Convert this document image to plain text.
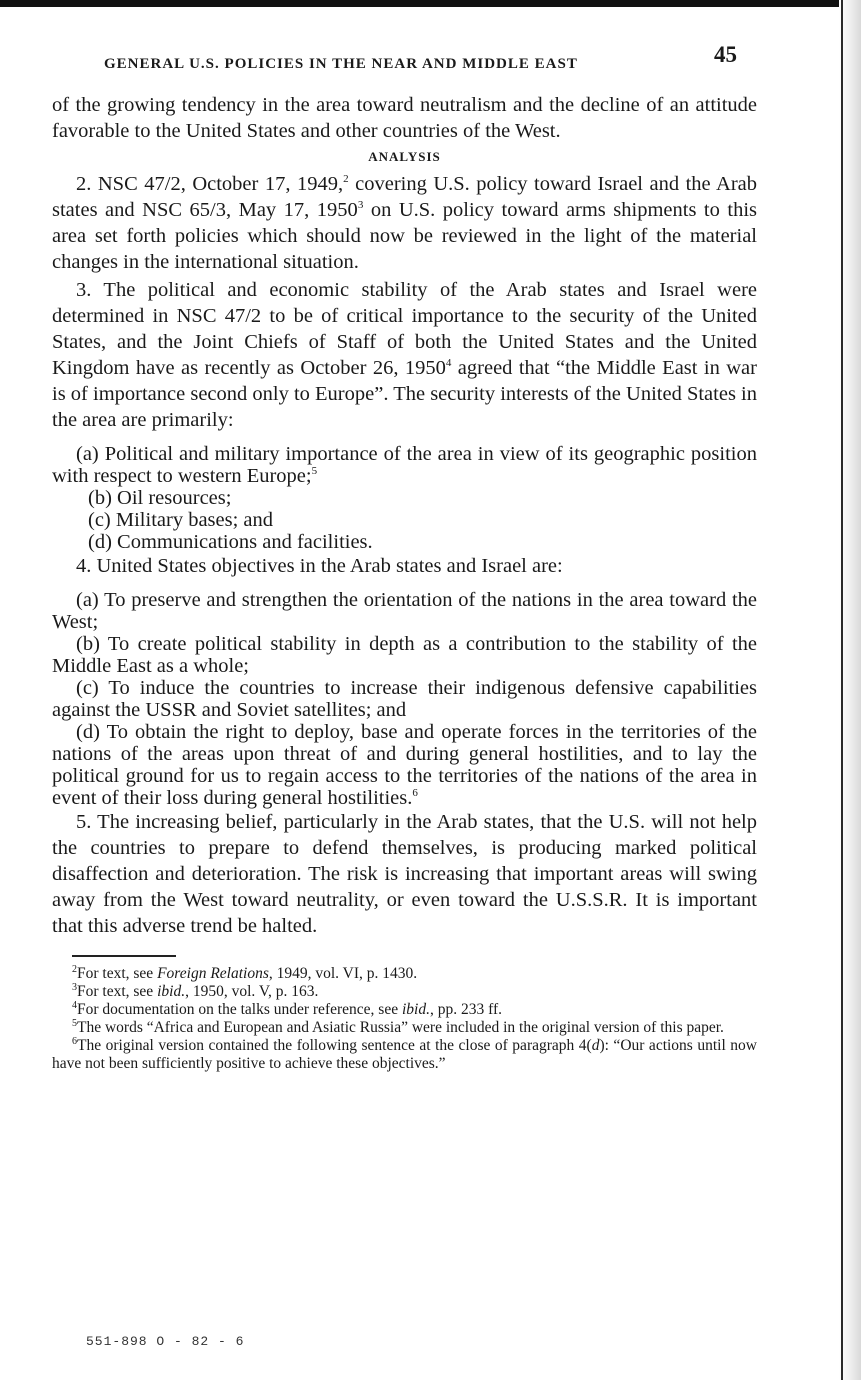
GENERAL U.S. POLICIES IN THE NEAR AND MIDDLE EAST	45

of the growing tendency in the area toward neutralism and the decline of an attitude favorable to the United States and other countries of the West.

ANALYSIS

2. NSC 47/2, October 17, 1949,$^2$ covering U.S. policy toward Israel and the Arab states and NSC 65/3, May 17, 1950$^3$ on U.S. policy toward arms shipments to this area set forth policies which should now be reviewed in the light of the material changes in the international situation.

3. The political and economic stability of the Arab states and Israel were determined in NSC 47/2 to be of critical importance to the security of the United States, and the Joint Chiefs of Staff of both the United States and the United Kingdom have as recently as October 26, 1950$^4$ agreed that “the Middle East in war is of importance second only to Europe”. The security interests of the United States in the area are primarily:

(a) Political and military importance of the area in view of its geographic position with respect to western Europe;$^5$

(b) Oil resources;

(c) Military bases; and

(d) Communications and facilities.

4. United States objectives in the Arab states and Israel are:

(a) To preserve and strengthen the orientation of the nations in the area toward the West;

(b) To create political stability in depth as a contribution to the stability of the Middle East as a whole;

(c) To induce the countries to increase their indigenous defensive capabilities against the USSR and Soviet satellites; and

(d) To obtain the right to deploy, base and operate forces in the territories of the nations of the areas upon threat of and during general hostilities, and to lay the political ground for us to regain access to the territories of the nations of the area in event of their loss during general hostilities.$^6$

5. The increasing belief, particularly in the Arab states, that the U.S. will not help the countries to prepare to defend themselves, is producing marked political disaffection and deterioration. The risk is increasing that important areas will swing away from the West toward neutrality, or even toward the U.S.S.R. It is important that this adverse trend be halted.

$^2$For text, see Foreign Relations, 1949, vol. VI, p. 1430.

$^3$For text, see ibid., 1950, vol. V, p. 163.

$^4$For documentation on the talks under reference, see ibid., pp. 233 ff.

$^5$The words “Africa and European and Asiatic Russia” were included in the original version of this paper.

$^6$The original version contained the following sentence at the close of paragraph 4(d): “Our actions until now have not been sufficiently positive to achieve these objectives.”

551-898 O - 82 - 6
